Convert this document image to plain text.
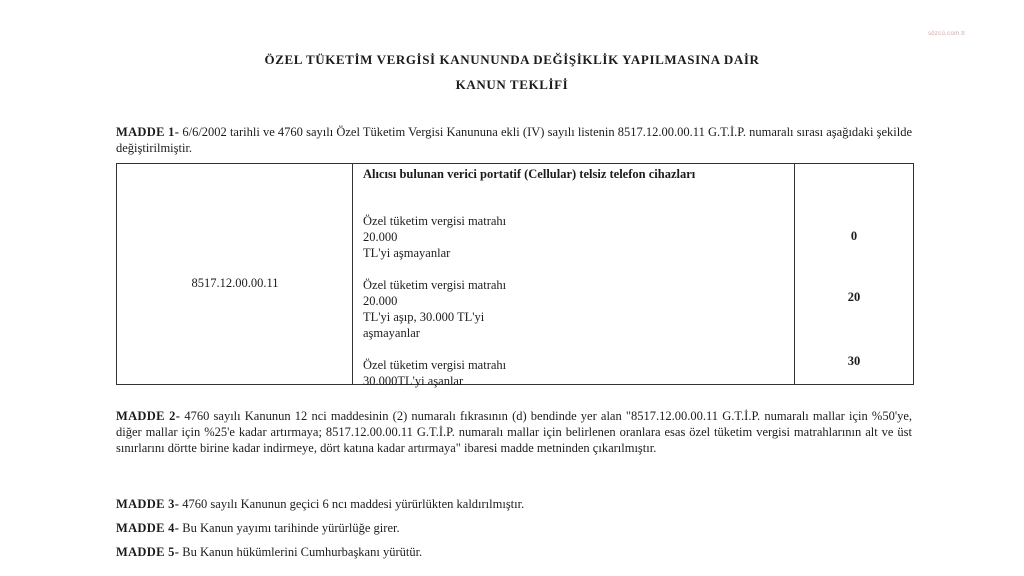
sözcü.com.tr
ÖZEL TÜKETİM VERGİSİ KANUNUNDA DEĞİŞİKLİK YAPILMASINA DAİR
KANUN TEKLİFİ
MADDE 1- 6/6/2002 tarihli ve 4760 sayılı Özel Tüketim Vergisi Kanununa ekli (IV) sayılı listenin 8517.12.00.00.11 G.T.İ.P. numaralı sırası aşağıdaki şekilde değiştirilmiştir.
8517.12.00.00.11
Alıcısı bulunan verici portatif (Cellular) telsiz telefon cihazları
Özel tüketim vergisi matrahı
20.000
TL'yi aşmayanlar
Özel tüketim vergisi matrahı
20.000
TL'yi aşıp, 30.000 TL'yi
aşmayanlar
Özel tüketim vergisi matrahı
30.000TL'yi aşanlar
0
20
30
MADDE 2- 4760 sayılı Kanunun 12 nci maddesinin (2) numaralı fıkrasının (d) bendinde yer alan "8517.12.00.00.11 G.T.İ.P. numaralı mallar için %50'ye, diğer mallar için %25'e kadar artırmaya; 8517.12.00.00.11 G.T.İ.P. numaralı mallar için belirlenen oranlara esas özel tüketim vergisi matrahlarının alt ve üst sınırlarını dörtte birine kadar indirmeye, dört katına kadar artırmaya" ibaresi madde metninden çıkarılmıştır.
MADDE 3- 4760 sayılı Kanunun geçici 6 ncı maddesi yürürlükten kaldırılmıştır.
MADDE 4- Bu Kanun yayımı tarihinde yürürlüğe girer.
MADDE 5- Bu Kanun hükümlerini Cumhurbaşkanı yürütür.
